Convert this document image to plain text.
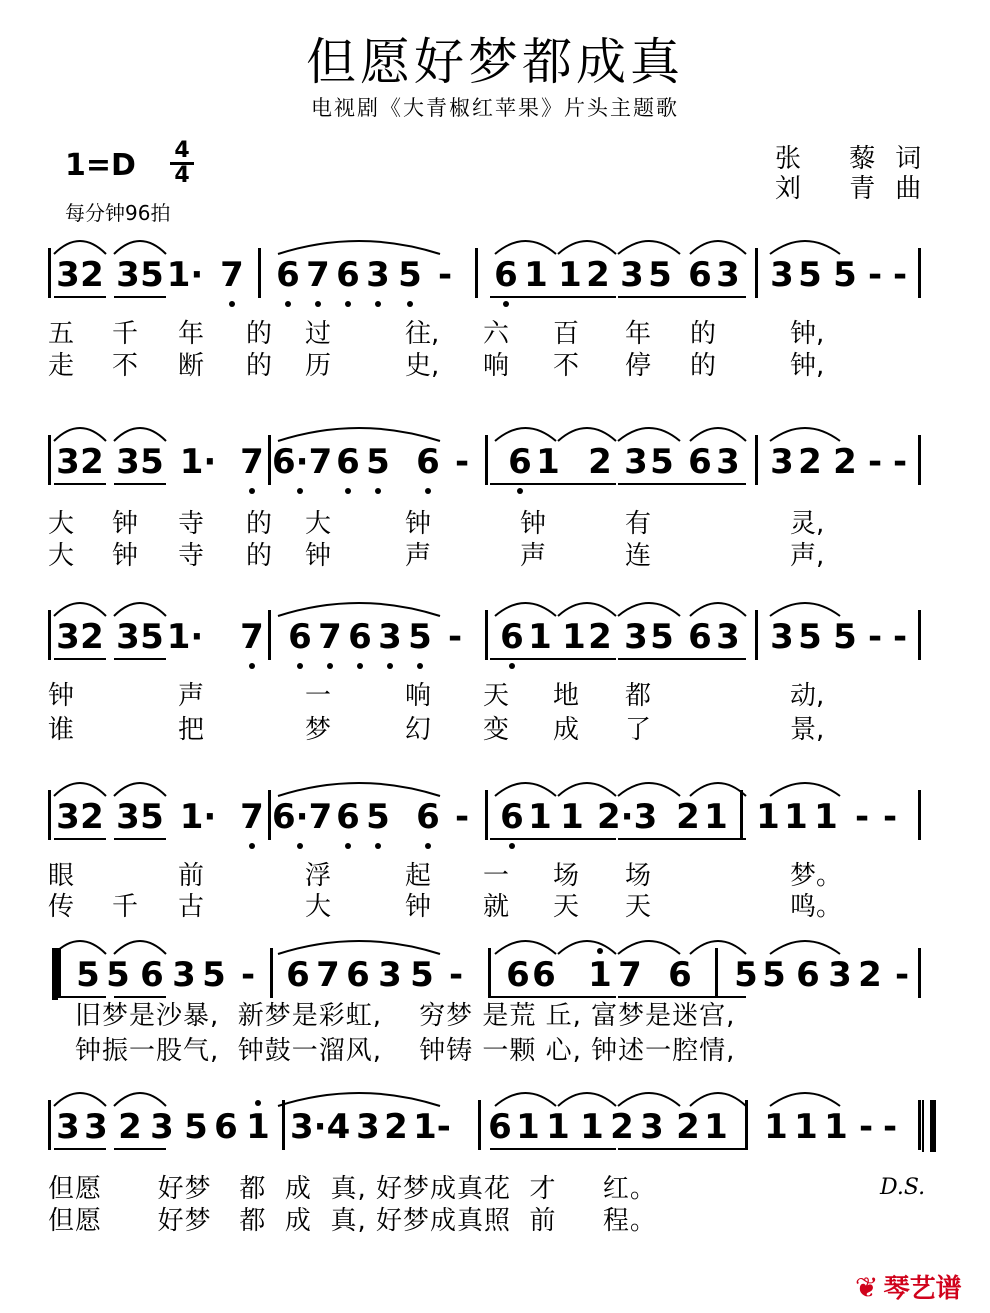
但愿好梦都成真
电视剧《大青椒红苹果》片头主题歌
1=D 4
4
每分钟96拍
张 藜词
刘 青曲
3 2 3 5 1· 7 6 7 6 3 5 - 6 1 1 2 3 5 6 3 3 5 5 - -
3 2 3 5 1· 7 6·7 6 5 6 - 6 1 2 3 5 6 3 3 2 2 - -
3 2 3 5 1· 7 6 7 6 3 5 - 6 1 1 2 3 5 6 3 3 5 5 - -
3 2 3 5 1· 7 6·7 6 5 6 - 6 1 1 2·3 2 1 1 1 1 - -
5 5 6 3 5 - 6 7 6 3 5 - 6 6 1 7 6 5 5 6 3 2 -
3 3 2 3 5 6 1 3·4 3 2 1- 6 1 1 1 2 3 2 1 1 1 1 - -
五 千 年 的 过	往, 六 百 年 的	钟,
走 不 断 的 历	史, 响 不 停 的	钟,
大 钟 寺 的 大	钟	钟	有	灵,
大 钟 寺 的 钟	声	声	连	声,
钟	声	一	响 天 地 都	动,
谁	把	梦	幻 变 成 了	景,
眼	前	浮	起 一 场 场	梦。
传 千 古	大	钟 就 天 天	鸣。
旧梦是沙暴,  新梦是彩虹,    穷梦 是荒 丘, 富梦是迷宫,
钟振一股气,  钟鼓一溜风,    钟铸 一颗 心, 钟述一腔情,
但愿      好梦   都  成  真, 好梦成真花  才     红。
但愿      好梦   都  成  真, 好梦成真照  前     程。
D.S.
❦ 琴艺谱
